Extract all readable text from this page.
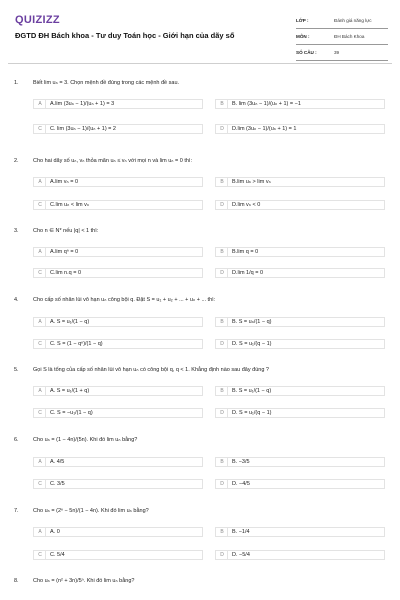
QUIZIZZ
ĐGTD ĐH Bách khoa - Tư duy Toán học - Giới hạn của dãy số
LỚP :	Đánh giá năng lực
MÔN :	ĐH Bách Khoa
SỐ CÂU :	39
1.	Biết lim uₙ = 3. Chọn mệnh đề đúng trong các mệnh đề sau.
A	A.lim (3uₙ − 1)/(uₙ + 1) = 3	B	B. lim (3uₙ − 1)/(uₙ + 1) = −1
C	C. lim (3uₙ − 1)/(uₙ + 1) = 2	D	D.lim (3uₙ − 1)/(uₙ + 1) = 1
2.	Cho hai dãy số uₙ, vₙ thỏa mãn uₙ ≤ vₙ với mọi n và lim uₙ = 0 thì:
A	A.lim vₙ = 0	B	B.lim uₙ > lim vₙ
C	C.lim uₙ < lim vₙ	D	D.lim vₙ < 0
3.	Cho n ∈ N* nếu |q| < 1 thì:
A	A.lim qⁿ = 0	B	B.lim q = 0
C	C.lim n.q = 0	D	D.lim 1/q = 0
4.	Cho cấp số nhân lùi vô hạn uₙ công bội q. Đặt S = u₁ + u₂ + ... + uₙ + ... thì:
A	A. S = u₁/(1 − q)	B	B. S = uₙ/(1 − q)
C	C. S = (1 − qⁿ)/(1 − q)	D	D. S = u₁/(q − 1)
5.	Gọi S là tổng của cấp số nhân lùi vô hạn uₙ có công bội q, q < 1. Khẳng định nào sau đây đúng ?
A	A. S = u₁/(1 + q)	B	B. S = u₁/(1 − q)
C	C. S = −u₁/(1 − q)	D	D. S = u₁/(q − 1)
6.	Cho uₙ = (1 − 4n)/(5n). Khi đó lim uₙ bằng?
A	A. 4/5	B	B. −3/5
C	C. 3/5	D	D. −4/5
7.	Cho uₙ = (2ⁿ − 5n)/(1 − 4n). Khi đó lim uₙ bằng?
A	A. 0	B	B. −1/4
C	C. 5/4	D	D. −5/4
8.	Cho uₙ = (n² + 3n)/5ⁿ. Khi đó lim uₙ bằng?
